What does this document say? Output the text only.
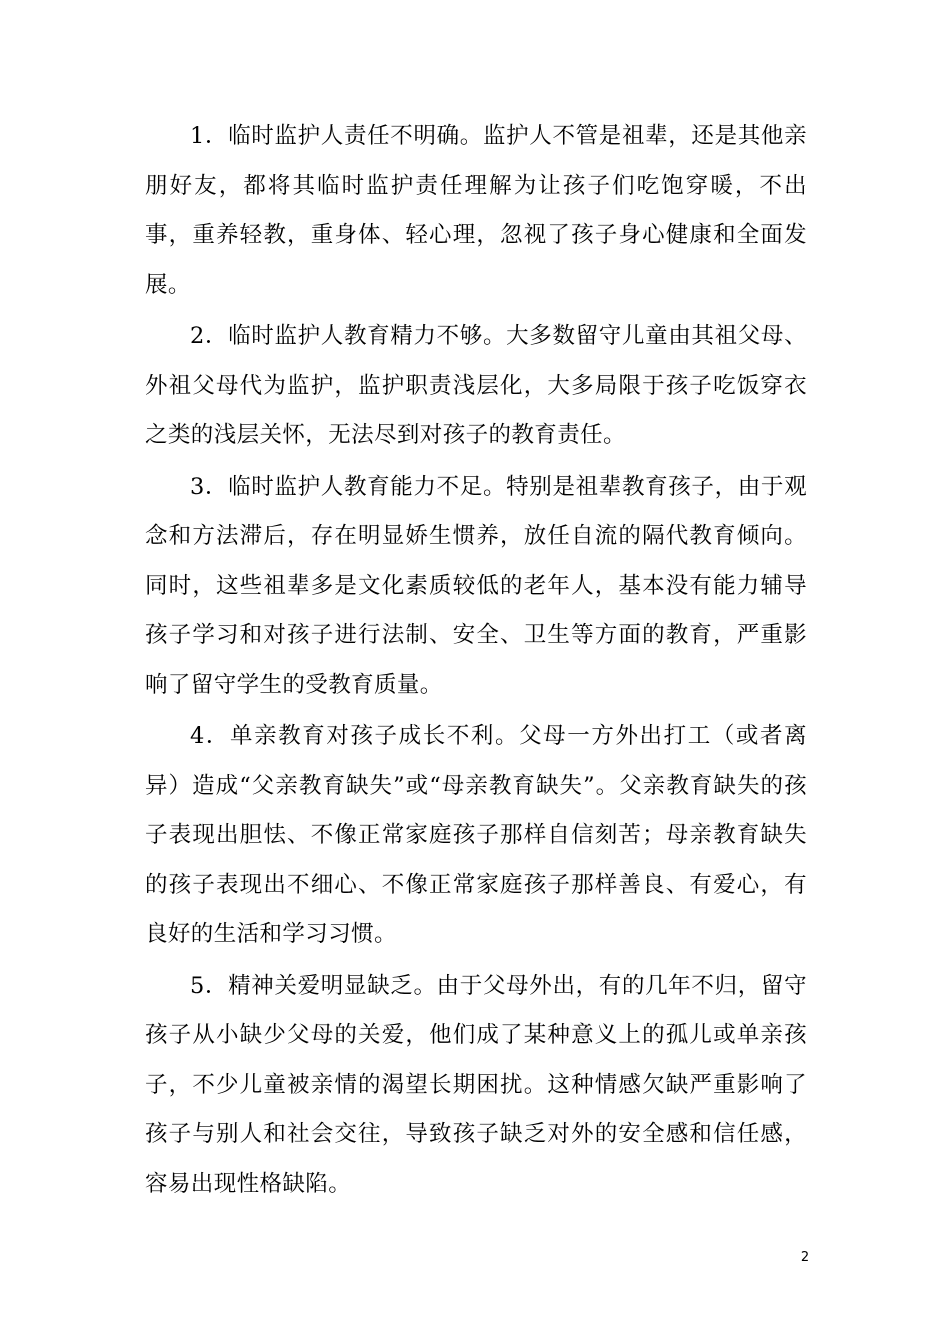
1．临时监护人责任不明确。监护人不管是祖辈，还是其他亲朋好友，都将其临时监护责任理解为让孩子们吃饱穿暖，不出事，重养轻教，重身体、轻心理，忽视了孩子身心健康和全面发展。

2．临时监护人教育精力不够。大多数留守儿童由其祖父母、外祖父母代为监护，监护职责浅层化，大多局限于孩子吃饭穿衣之类的浅层关怀，无法尽到对孩子的教育责任。

3．临时监护人教育能力不足。特别是祖辈教育孩子，由于观念和方法滞后，存在明显娇生惯养，放任自流的隔代教育倾向。同时，这些祖辈多是文化素质较低的老年人，基本没有能力辅导孩子学习和对孩子进行法制、安全、卫生等方面的教育，严重影响了留守学生的受教育质量。

4．单亲教育对孩子成长不利。父母一方外出打工（或者离异）造成“父亲教育缺失”或“母亲教育缺失”。父亲教育缺失的孩子表现出胆怯、不像正常家庭孩子那样自信刻苦；母亲教育缺失的孩子表现出不细心、不像正常家庭孩子那样善良、有爱心，有良好的生活和学习习惯。

5．精神关爱明显缺乏。由于父母外出，有的几年不归，留守孩子从小缺少父母的关爱，他们成了某种意义上的孤儿或单亲孩子，不少儿童被亲情的渴望长期困扰。这种情感欠缺严重影响了孩子与别人和社会交往，导致孩子缺乏对外的安全感和信任感，容易出现性格缺陷。

2
